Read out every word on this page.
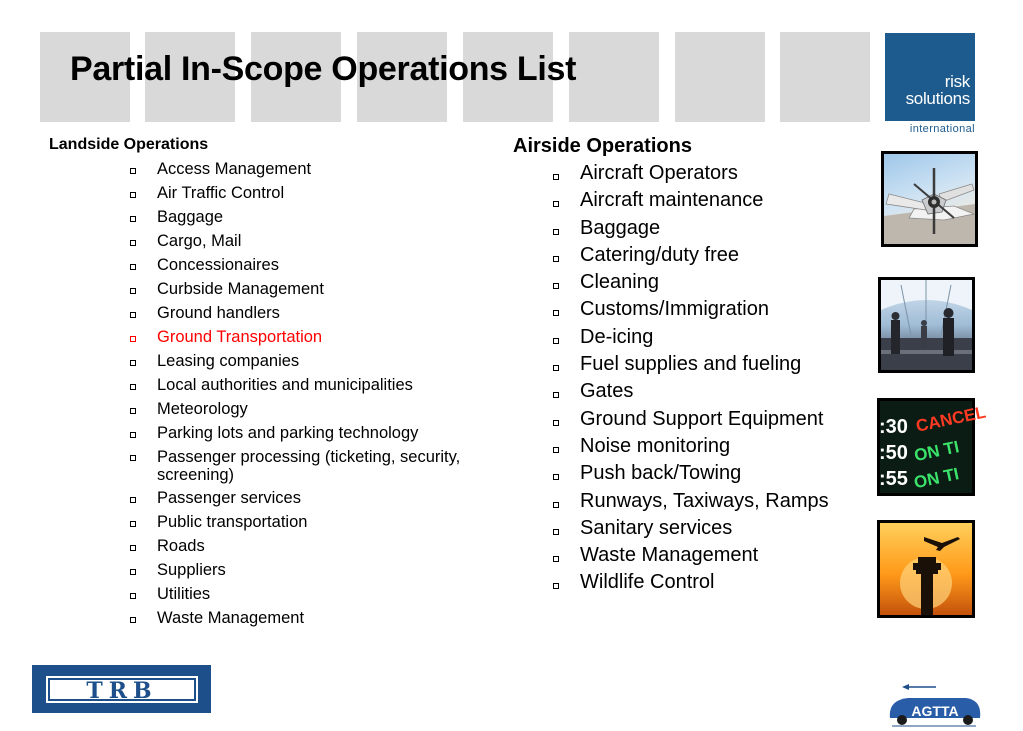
Partial In-Scope Operations List	risk
solutions
international
Landside Operations
Access Management
Air Traffic Control
Baggage
Cargo, Mail
Concessionaires
Curbside Management
Ground handlers
Ground Transportation
Leasing companies
Local authorities and municipalities
Meteorology
Parking lots and parking technology
Passenger processing (ticketing, security, screening)
Passenger services
Public transportation
Roads
Suppliers
Utilities
Waste Management
Airside Operations
Aircraft Operators
Aircraft maintenance
Baggage
Catering/duty free
Cleaning
Customs/Immigration
De-icing
Fuel supplies and fueling
Gates
Ground Support Equipment
Noise monitoring
Push back/Towing
Runways, Taxiways, Ramps
Sanitary services
Waste Management
Wildlife Control
:30 CANCEL
:50 ON TI
:55 ON TI
TRB
AGTTA
